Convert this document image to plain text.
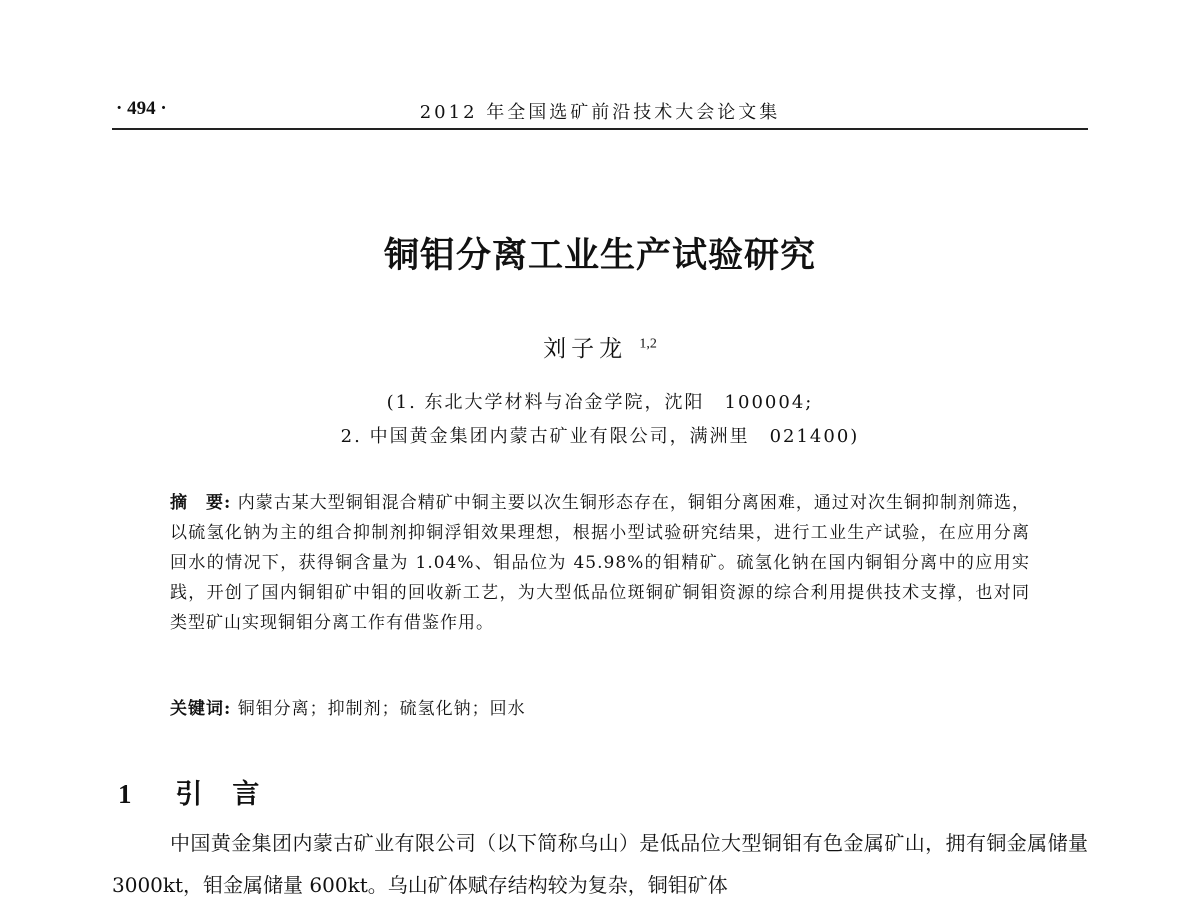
· 494 ·	2012 年全国选矿前沿技术大会论文集
铜钼分离工业生产试验研究
刘子龙 $^{1,2}$
(1. 东北大学材料与冶金学院，沈阳　100004;
2. 中国黄金集团内蒙古矿业有限公司，满洲里　021400)
摘　要: 内蒙古某大型铜钼混合精矿中铜主要以次生铜形态存在，铜钼分离困难，通过对次生铜抑制剂筛选，以硫氢化钠为主的组合抑制剂抑铜浮钼效果理想，根据小型试验研究结果，进行工业生产试验，在应用分离回水的情况下，获得铜含量为 1.04%、钼品位为 45.98%的钼精矿。硫氢化钠在国内铜钼分离中的应用实践，开创了国内铜钼矿中钼的回收新工艺，为大型低品位斑铜矿铜钼资源的综合利用提供技术支撑，也对同类型矿山实现铜钼分离工作有借鉴作用。
关键词: 铜钼分离；抑制剂；硫氢化钠；回水
1 引言
中国黄金集团内蒙古矿业有限公司（以下简称乌山）是低品位大型铜钼有色金属矿山，拥有铜金属储量 3000kt，钼金属储量 600kt。乌山矿体赋存结构较为复杂，铜钼矿体
